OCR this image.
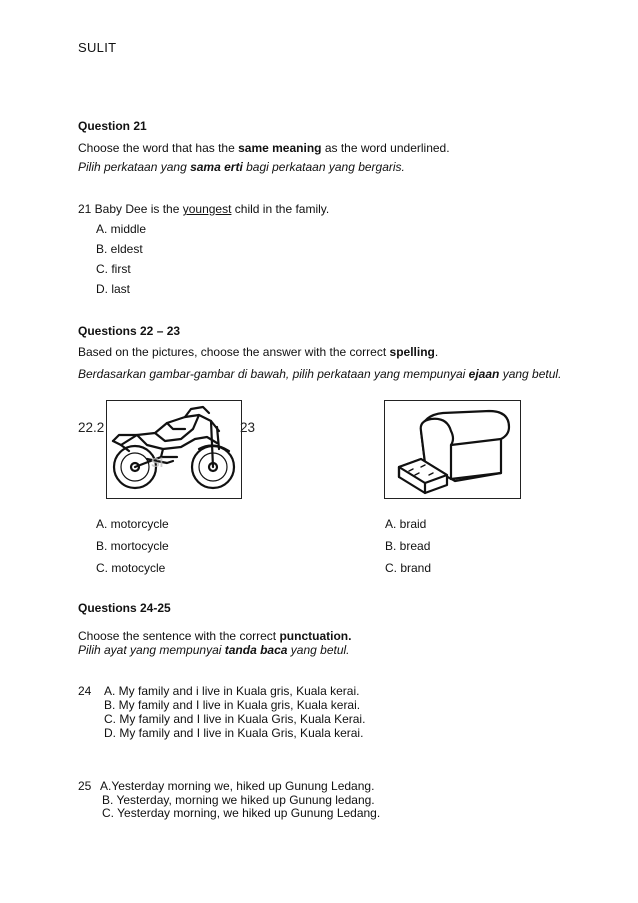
SULIT
Question 21
Choose the word that has the same meaning as the word underlined.
Pilih perkataan yang sama erti bagi perkataan yang bergaris.
21 Baby Dee is the youngest child in the family.
A. middle
B. eldest
C. first
D. last
Questions 22 – 23
Based on the pictures, choose the answer with the correct spelling.
Berdasarkan gambar-gambar di bawah, pilih perkataan yang mempunyai ejaan yang betul.
Sl
22.2	23
A. motorcycle
B. mortocycle
C. motocycle
A. braid
B. bread
C. brand
Questions 24-25
Choose the sentence with the correct punctuation.
Pilih ayat yang mempunyai tanda baca yang betul.
24 A. My family and i live in Kuala gris, Kuala kerai.
B. My family and I live in Kuala gris, Kuala kerai.
C. My family and I live in Kuala Gris, Kuala Kerai.
D. My family and I live in Kuala Gris, Kuala kerai.
25 A.Yesterday morning we, hiked up Gunung Ledang.
B. Yesterday, morning we hiked up Gunung ledang.
C. Yesterday morning, we hiked up Gunung Ledang.
